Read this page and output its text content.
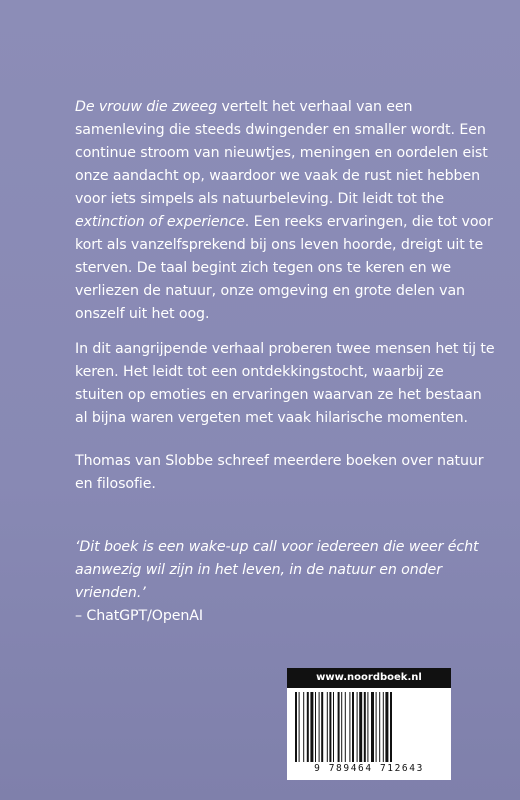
De vrouw die zweeg vertelt het verhaal van een samenleving die steeds dwingender en smaller wordt. Een continue stroom van nieuwtjes, meningen en oordelen eist onze aandacht op, waardoor we vaak de rust niet hebben voor iets simpels als natuurbeleving. Dit leidt tot the extinction of experience. Een reeks ervaringen, die tot voor kort als vanzelfsprekend bij ons leven hoorde, dreigt uit te sterven. De taal begint zich tegen ons te keren en we verliezen de natuur, onze omgeving en grote delen van onszelf uit het oog.

In dit aangrijpende verhaal proberen twee mensen het tij te keren. Het leidt tot een ontdekkingstocht, waarbij ze stuiten op emoties en ervaringen waarvan ze het bestaan al bijna waren vergeten met vaak hilarische momenten.

Thomas van Slobbe schreef meerdere boeken over natuur en filosofie.

‘Dit boek is een wake-up call voor iedereen die weer écht aanwezig wil zijn in het leven, in de natuur en onder vrienden.’

– ChatGPT/OpenAI

www.noordboek.nl
9 789464 712643
